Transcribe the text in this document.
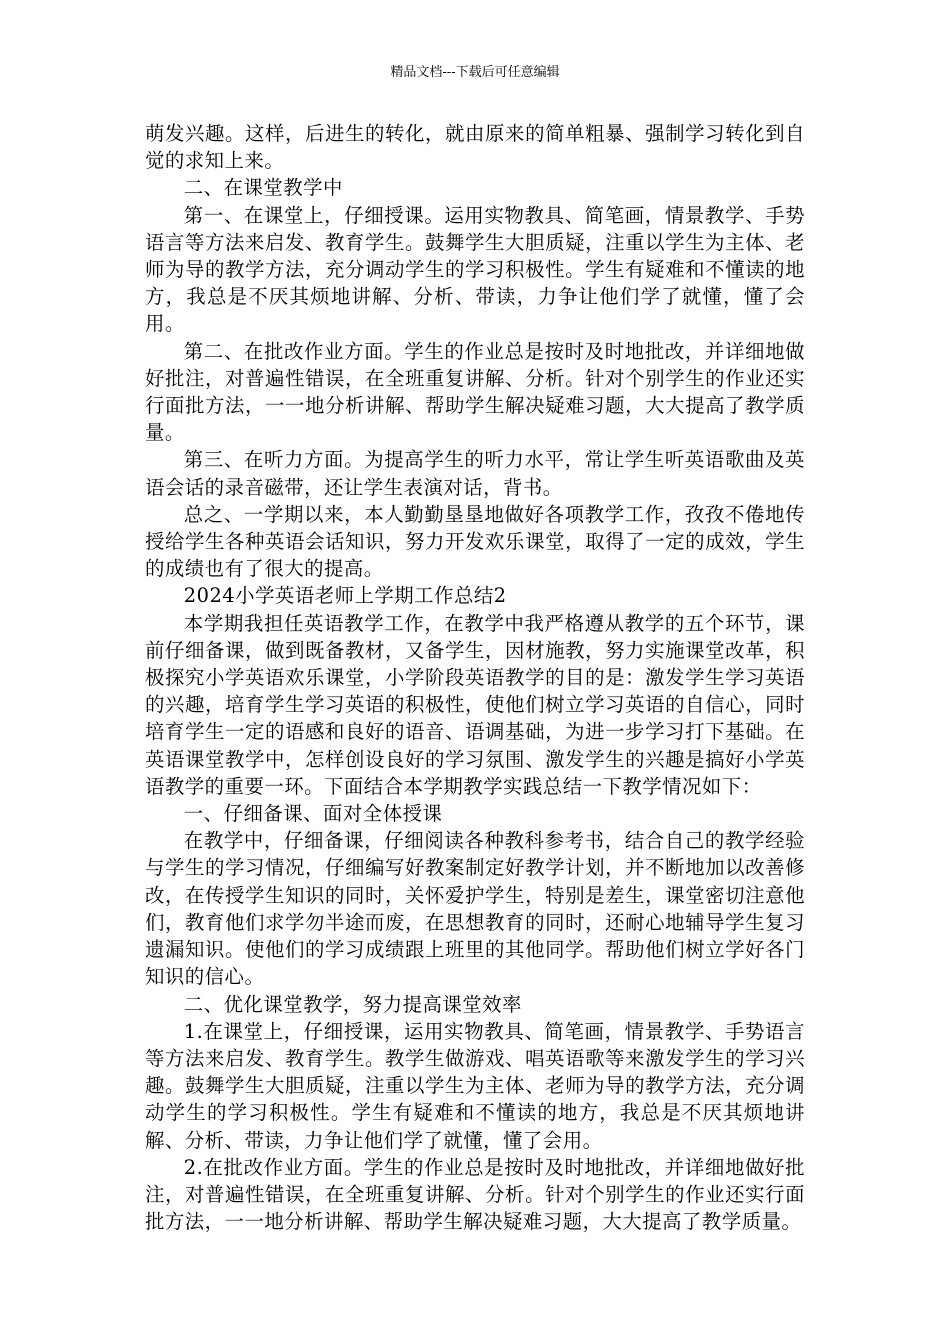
精品文档---下载后可任意编辑

萌发兴趣。这样，后进生的转化，就由原来的简单粗暴、强制学习转化到自觉的求知上来。

二、在课堂教学中

第一、在课堂上，仔细授课。运用实物教具、简笔画，情景教学、手势语言等方法来启发、教育学生。鼓舞学生大胆质疑，注重以学生为主体、老师为导的教学方法，充分调动学生的学习积极性。学生有疑难和不懂读的地方，我总是不厌其烦地讲解、分析、带读，力争让他们学了就懂，懂了会用。

第二、在批改作业方面。学生的作业总是按时及时地批改，并详细地做好批注，对普遍性错误，在全班重复讲解、分析。针对个别学生的作业还实行面批方法，一一地分析讲解、帮助学生解决疑难习题，大大提高了教学质量。

第三、在听力方面。为提高学生的听力水平，常让学生听英语歌曲及英语会话的录音磁带，还让学生表演对话，背书。

总之、一学期以来，本人勤勤垦垦地做好各项教学工作，孜孜不倦地传授给学生各种英语会话知识，努力开发欢乐课堂，取得了一定的成效，学生的成绩也有了很大的提高。

2024小学英语老师上学期工作总结2

本学期我担任英语教学工作，在教学中我严格遵从教学的五个环节，课前仔细备课，做到既备教材，又备学生，因材施教，努力实施课堂改革，积极探究小学英语欢乐课堂，小学阶段英语教学的目的是：激发学生学习英语的兴趣，培育学生学习英语的积极性，使他们树立学习英语的自信心，同时培育学生一定的语感和良好的语音、语调基础，为进一步学习打下基础。在英语课堂教学中，怎样创设良好的学习氛围、激发学生的兴趣是搞好小学英语教学的重要一环。下面结合本学期教学实践总结一下教学情况如下：

一、仔细备课、面对全体授课

在教学中，仔细备课，仔细阅读各种教科参考书，结合自己的教学经验与学生的学习情况，仔细编写好教案制定好教学计划，并不断地加以改善修改，在传授学生知识的同时，关怀爱护学生，特别是差生，课堂密切注意他们，教育他们求学勿半途而废，在思想教育的同时，还耐心地辅导学生复习遗漏知识。使他们的学习成绩跟上班里的其他同学。帮助他们树立学好各门知识的信心。

二、优化课堂教学，努力提高课堂效率

1.在课堂上，仔细授课，运用实物教具、简笔画，情景教学、手势语言等方法来启发、教育学生。教学生做游戏、唱英语歌等来激发学生的学习兴趣。鼓舞学生大胆质疑，注重以学生为主体、老师为导的教学方法，充分调动学生的学习积极性。学生有疑难和不懂读的地方，我总是不厌其烦地讲解、分析、带读，力争让他们学了就懂，懂了会用。

2.在批改作业方面。学生的作业总是按时及时地批改，并详细地做好批注，对普遍性错误，在全班重复讲解、分析。针对个别学生的作业还实行面批方法，一一地分析讲解、帮助学生解决疑难习题，大大提高了教学质量。
